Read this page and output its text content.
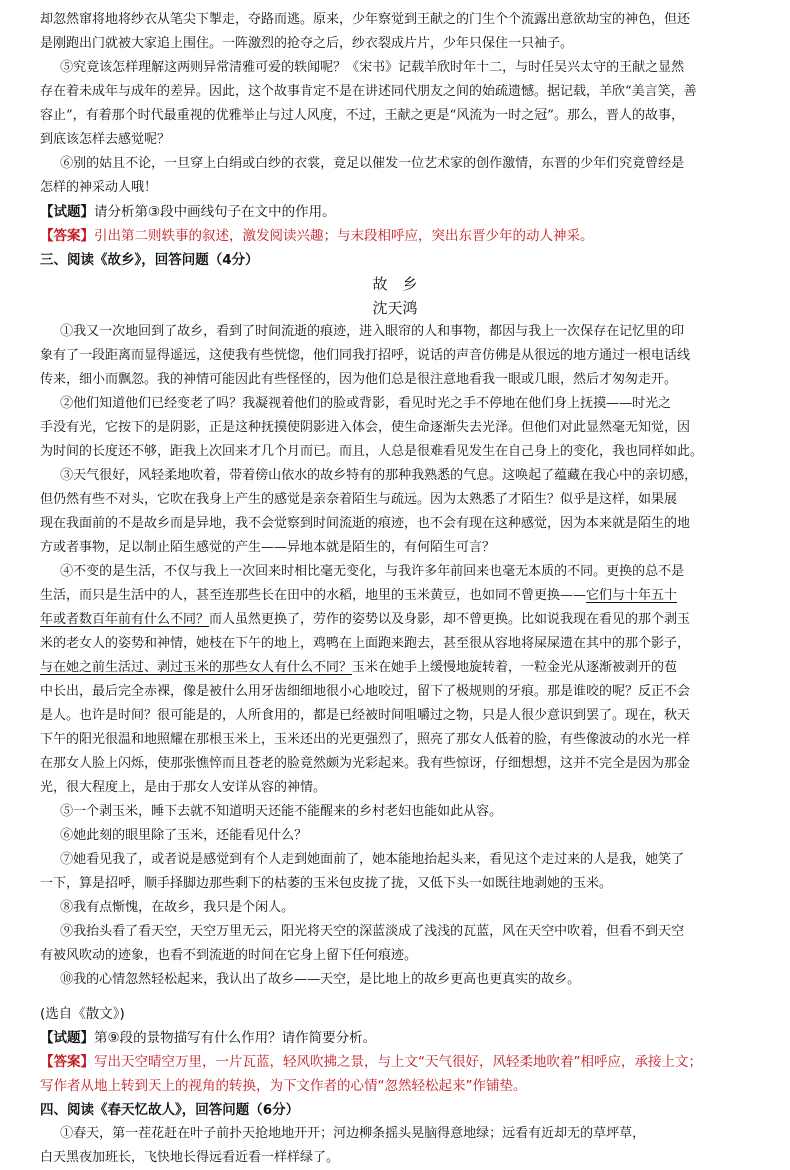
却忽然窜将地将纱衣从笔尖下掣走，夺路而逃。原来，少年察觉到王献之的门生个个流露出意欲劫宝的神色，但还

是刚跑出门就被大家追上围住。一阵激烈的抢夺之后，纱衣裂成片片，少年只保住一只袖子。

⑤究竟该怎样理解这两则异常清雅可爱的轶闻呢？《宋书》记载羊欣时年十二，与时任吴兴太守的王献之显然

存在着未成年与成年的差异。因此，这个故事肯定不是在讲述同代朋友之间的始疏遗憾。据记载，羊欣“美言笑，善

容止”，有着那个时代最重视的优雅举止与过人风度，不过，王献之更是“风流为一时之冠”。那么，晋人的故事，

到底该怎样去感觉呢？

⑥别的姑且不论，一旦穿上白绢或白纱的衣裳，竟足以催发一位艺术家的创作激情，东晋的少年们究竟曾经是

怎样的神采动人哦！

【试题】请分析第③段中画线句子在文中的作用。

【答案】引出第二则轶事的叙述，激发阅读兴趣；与末段相呼应，突出东晋少年的动人神采。

三、阅读《故乡》，回答问题（4分）

故　乡

沈天鸿

①我又一次地回到了故乡，看到了时间流逝的痕迹，进入眼帘的人和事物，都因与我上一次保存在记忆里的印

象有了一段距离而显得遥远，这使我有些恍惚，他们同我打招呼，说话的声音仿佛是从很远的地方通过一根电话线

传来，细小而飘忽。我的神情可能因此有些怪怪的，因为他们总是很注意地看我一眼或几眼，然后才匆匆走开。

②他们知道他们已经变老了吗？我凝视着他们的脸或背影，看见时光之手不停地在他们身上抚摸——时光之

手没有光，它按下的是阴影，正是这种抚摸使阴影进入体会，使生命逐渐失去光泽。但他们对此显然毫无知觉，因

为时间的长度还不够，距我上次回来才几个月而已。而且，人总是很难看见发生在自己身上的变化，我也同样如此。

③天气很好，风轻柔地吹着，带着傍山依水的故乡特有的那种我熟悉的气息。这唤起了蕴藏在我心中的亲切感，

但仍然有些不对头，它吹在我身上产生的感觉是亲奈着陌生与疏远。因为太熟悉了才陌生？似乎是这样，如果展

现在我面前的不是故乡而是异地，我不会觉察到时间流逝的痕迹，也不会有现在这种感觉，因为本来就是陌生的地

方或者事物，足以制止陌生感觉的产生——异地本就是陌生的，有何陌生可言？

④不变的是生活，不仅与我上一次回来时相比毫无变化，与我许多年前回来也毫无本质的不同。更换的总不是

生活，而只是生活中的人，甚至连那些长在田中的水稻，地里的玉米黄豆，也如同不曾更换——它们与十年五十

年或者数百年前有什么不同？而人虽然更换了，劳作的姿势以及身影，却不曾更换。比如说我现在看见的那个剥玉

米的老女人的姿势和神情，她枝在下午的地上，鸡鸭在上面跑来跑去，甚至很从容地将屎屎遗在其中的那个影子，

与在她之前生活过、剥过玉米的那些女人有什么不同？玉米在她手上缓慢地旋转着，一粒金光从逐渐被剥开的苞

中长出，最后完全赤裸，像是被什么用牙齿细细地很小心地咬过，留下了极规则的牙痕。那是谁咬的呢？反正不会

是人。也许是时间？很可能是的，人所食用的，都是已经被时间咀嚼过之物，只是人很少意识到罢了。现在，秋天

下午的阳光很温和地照耀在那根玉米上，玉米还出的光更强烈了，照亮了那女人低着的脸，有些像波动的水光一样

在那女人脸上闪烁，使那张憔悴而且苍老的脸竟然颇为光彩起来。我有些惊讶，仔细想想，这并不完全是因为那金

光，很大程度上，是由于那女人安详从容的神情。

⑤一个剥玉米，睡下去就不知道明天还能不能醒来的乡村老妇也能如此从容。

⑥她此刻的眼里除了玉米，还能看见什么？

⑦她看见我了，或者说是感觉到有个人走到她面前了，她本能地抬起头来，看见这个走过来的人是我，她笑了

一下，算是招呼，顺手择脚边那些剩下的枯萎的玉米包皮拢了拢，又低下头一如既往地剥她的玉米。

⑧我有点惭愧，在故乡，我只是个闲人。

⑨我抬头看了看天空，天空万里无云，阳光将天空的深蓝淡成了浅浅的瓦蓝，风在天空中吹着，但看不到天空

有被风吹动的迹象，也看不到流逝的时间在它身上留下任何痕迹。

⑩我的心情忽然轻松起来，我认出了故乡——天空，是比地上的故乡更高也更真实的故乡。

(选自《散文》)

【试题】第⑨段的景物描写有什么作用？请作简要分析。

【答案】写出天空晴空万里，一片瓦蓝，轻风吹拂之景，与上文“天气很好，风轻柔地吹着”相呼应，承接上文；

写作者从地上转到天上的视角的转换，为下文作者的心情“忽然轻松起来”作铺垫。

四、阅读《春天忆故人》，回答问题（6分）

①春天，第一茬花赶在叶子前扑天抢地地开开；河边柳条摇头晃脑得意地绿；远看有近却无的草坪草，

白天黑夜加班长，飞快地长得远看近看一样样绿了。
